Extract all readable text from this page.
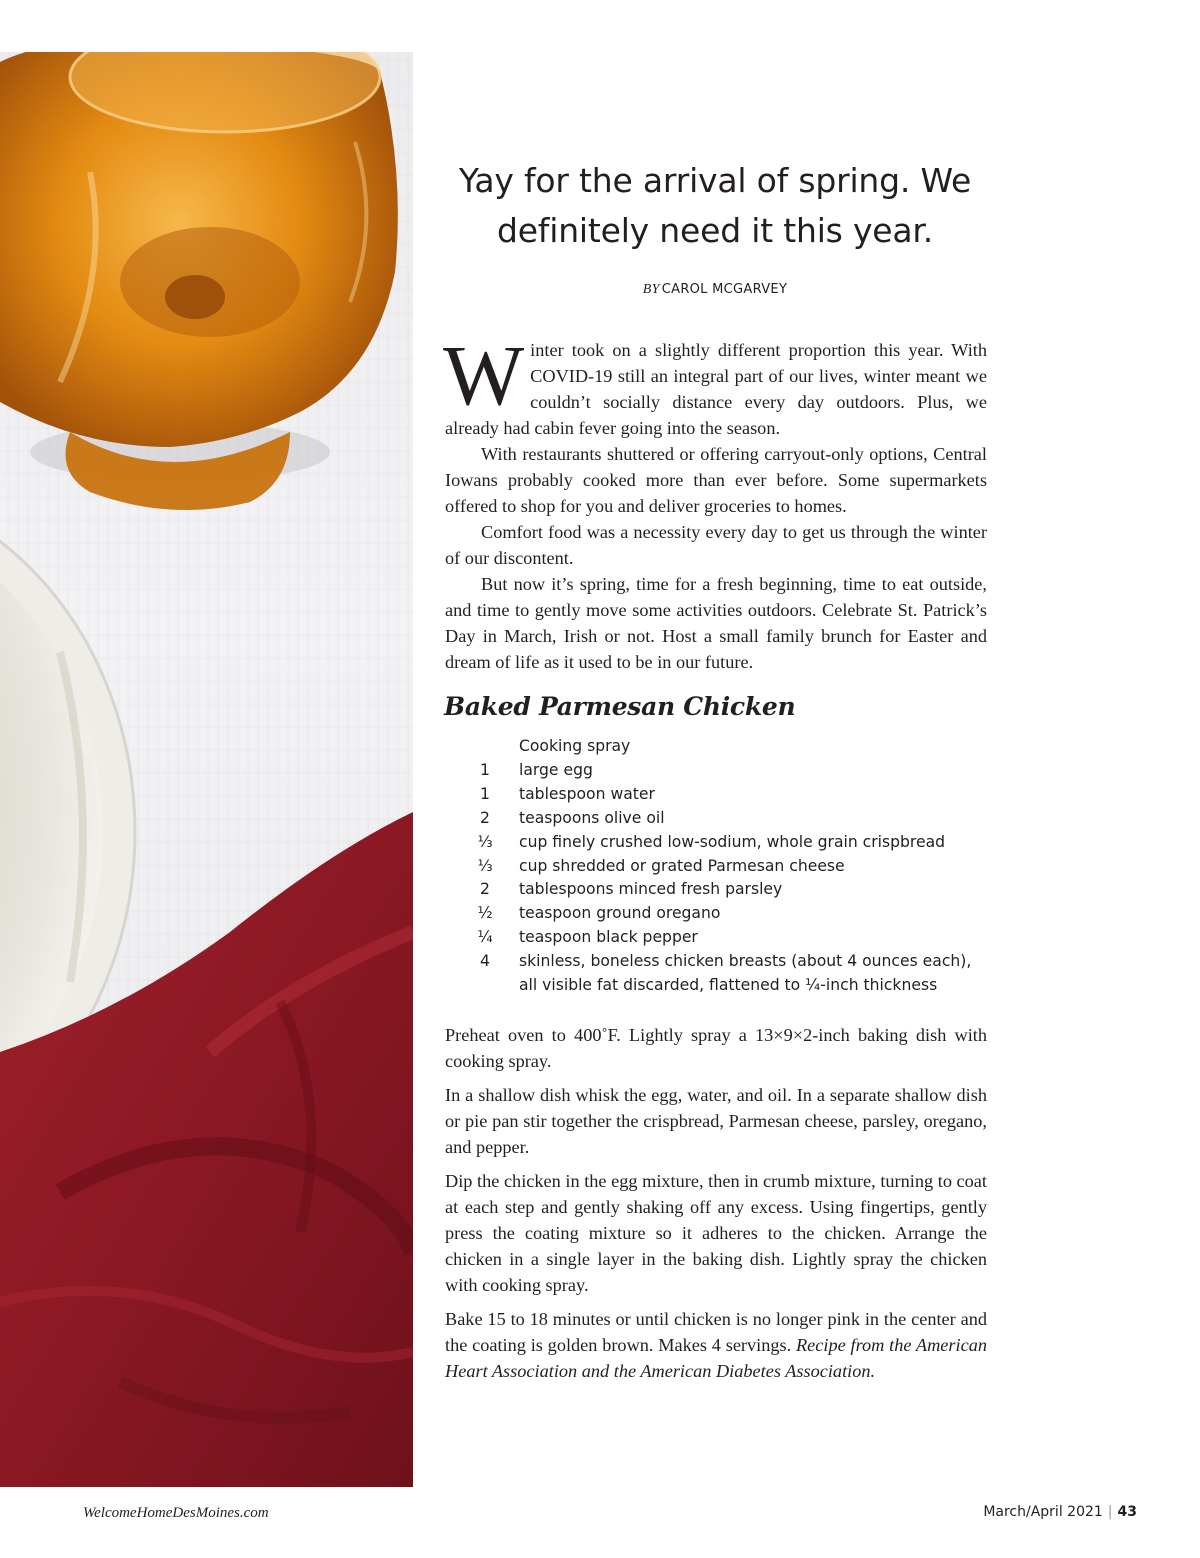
Yay for the arrival of spring. We definitely need it this year.
BY CAROL MCGARVEY

Winter took on a slightly different proportion this year. With COVID-19 still an integral part of our lives, winter meant we couldn’t socially distance every day outdoors. Plus, we already had cabin fever going into the season.

With restaurants shuttered or offering carryout-only options, Central Iowans probably cooked more than ever before. Some supermarkets offered to shop for you and deliver groceries to homes.

Comfort food was a necessity every day to get us through the winter of our discontent.

But now it’s spring, time for a fresh beginning, time to eat outside, and time to gently move some activities outdoors. Celebrate St. Patrick’s Day in March, Irish or not. Host a small family brunch for Easter and dream of life as it used to be in our future.

Baked Parmesan Chicken
Cooking spray
1	large egg
1	tablespoon water
2	teaspoons olive oil
⅓	cup finely crushed low-sodium, whole grain crispbread
⅓	cup shredded or grated Parmesan cheese
2	tablespoons minced fresh parsley
½	teaspoon ground oregano
¼	teaspoon black pepper
4	skinless, boneless chicken breasts (about 4 ounces each),
all visible fat discarded, flattened to ¼-inch thickness

Preheat oven to 400˚F. Lightly spray a 13×9×2-inch baking dish with cooking spray.

In a shallow dish whisk the egg, water, and oil. In a separate shallow dish or pie pan stir together the crispbread, Parmesan cheese, parsley, oregano, and pepper.

Dip the chicken in the egg mixture, then in crumb mixture, turning to coat at each step and gently shaking off any excess. Using fingertips, gently press the coating mixture so it adheres to the chicken. Arrange the chicken in a single layer in the baking dish. Lightly spray the chicken with cooking spray.

Bake 15 to 18 minutes or until chicken is no longer pink in the center and the coating is golden brown. Makes 4 servings. Recipe from the American Heart Association and the American Diabetes Association.

WelcomeHomeDesMoines.com	March/April 2021 | 43
